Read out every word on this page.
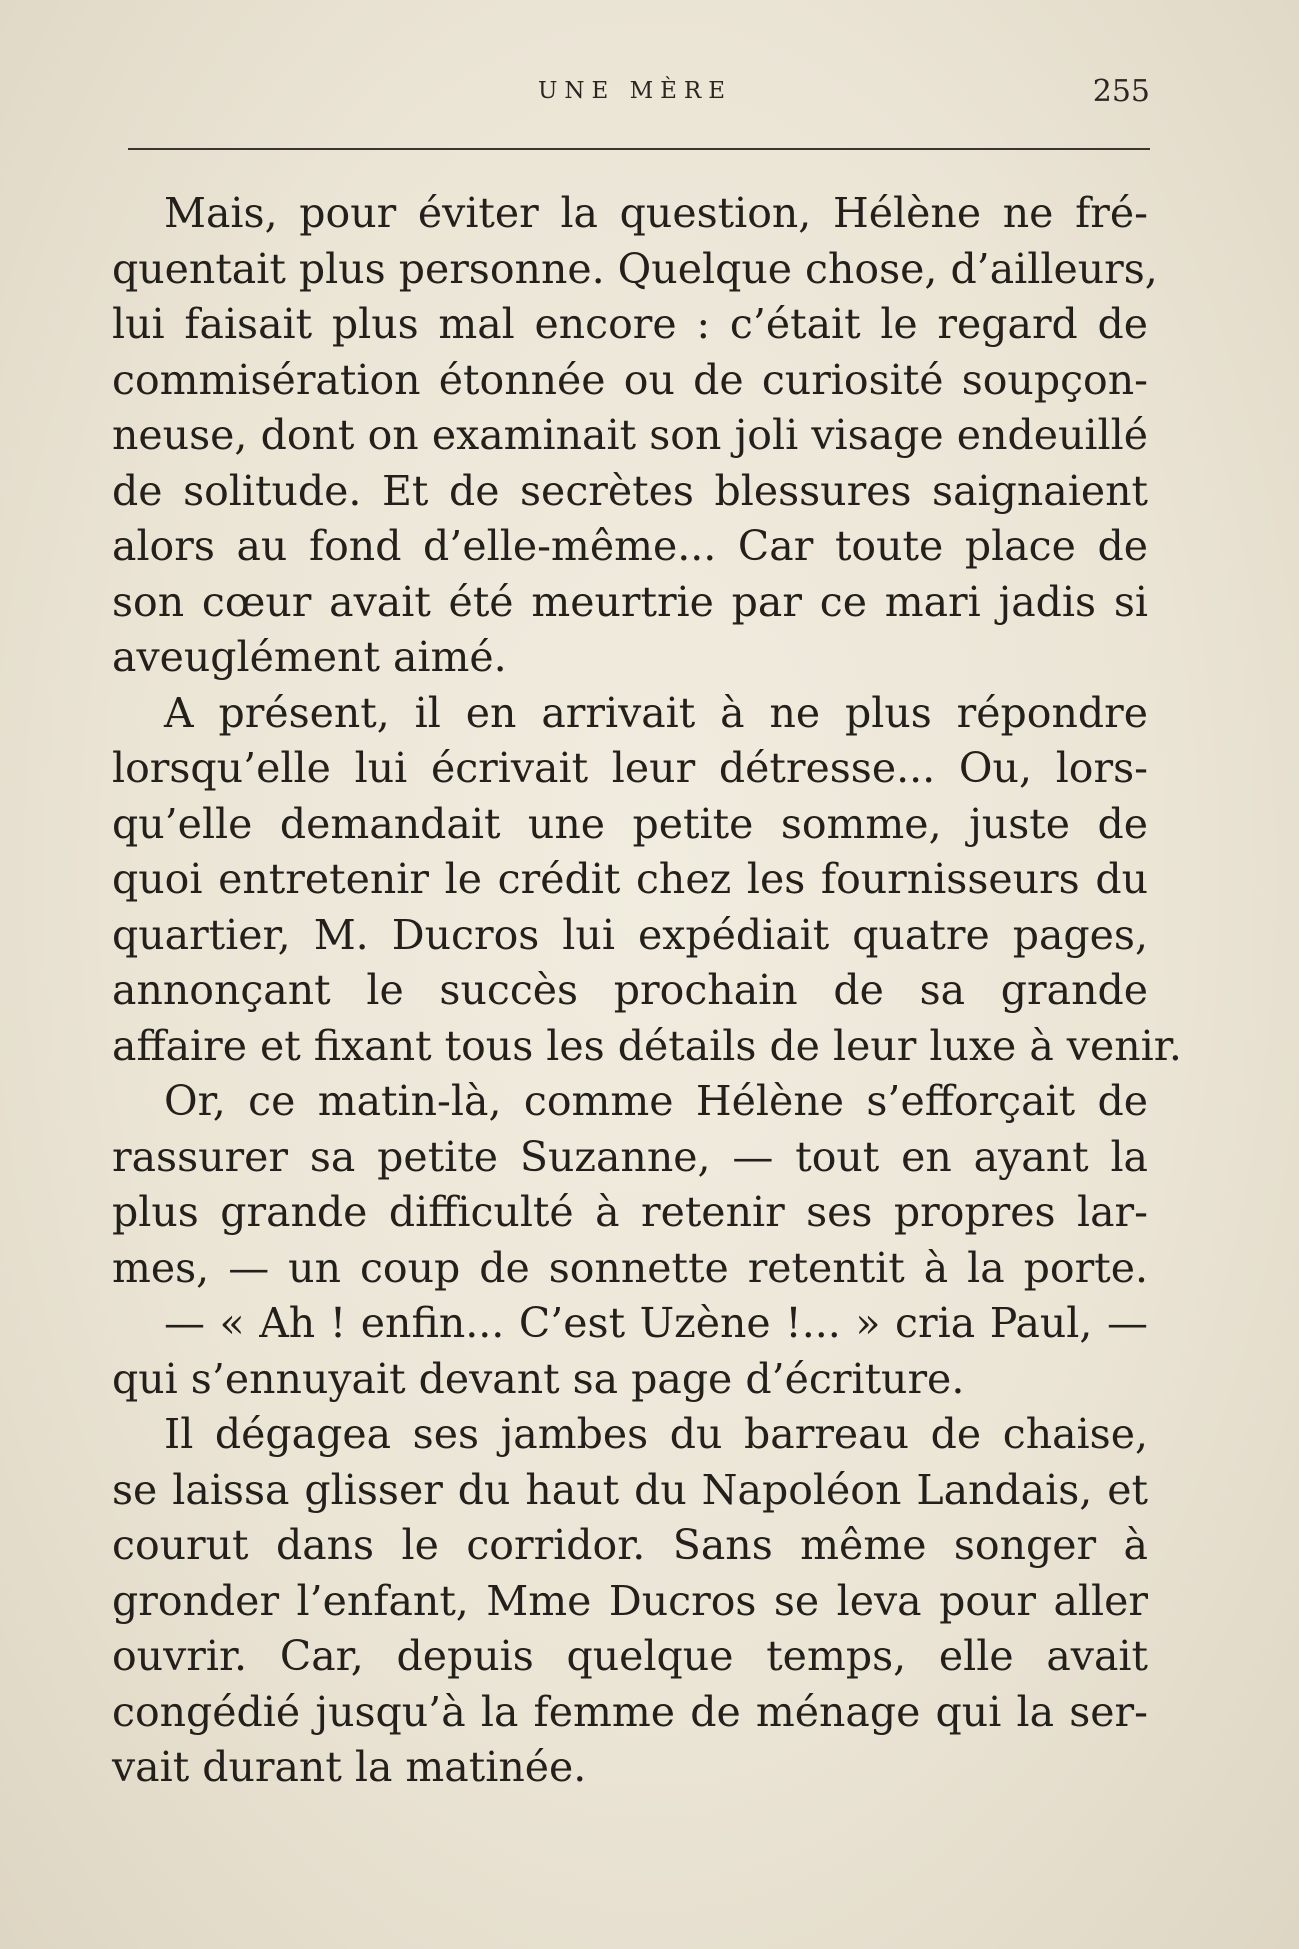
UNE MÈRE	255
Mais, pour éviter la question, Hélène ne fré-
quentait plus personne. Quelque chose, d’ailleurs,
lui faisait plus mal encore : c’était le regard de
commisération étonnée ou de curiosité soupçon-
neuse, dont on examinait son joli visage endeuillé
de solitude. Et de secrètes blessures saignaient
alors au fond d’elle-même... Car toute place de
son cœur avait été meurtrie par ce mari jadis si
aveuglément aimé.
A présent, il en arrivait à ne plus répondre
lorsqu’elle lui écrivait leur détresse... Ou, lors-
qu’elle demandait une petite somme, juste de
quoi entretenir le crédit chez les fournisseurs du
quartier, M. Ducros lui expédiait quatre pages,
annonçant le succès prochain de sa grande
affaire et fixant tous les détails de leur luxe à venir.
Or, ce matin-là, comme Hélène s’efforçait de
rassurer sa petite Suzanne, — tout en ayant la
plus grande difficulté à retenir ses propres lar-
mes, — un coup de sonnette retentit à la porte.
— « Ah ! enfin... C’est Uzène !... » cria Paul, —
qui s’ennuyait devant sa page d’écriture.
Il dégagea ses jambes du barreau de chaise,
se laissa glisser du haut du Napoléon Landais, et
courut dans le corridor. Sans même songer à
gronder l’enfant, Mme Ducros se leva pour aller
ouvrir. Car, depuis quelque temps, elle avait
congédié jusqu’à la femme de ménage qui la ser-
vait durant la matinée.
